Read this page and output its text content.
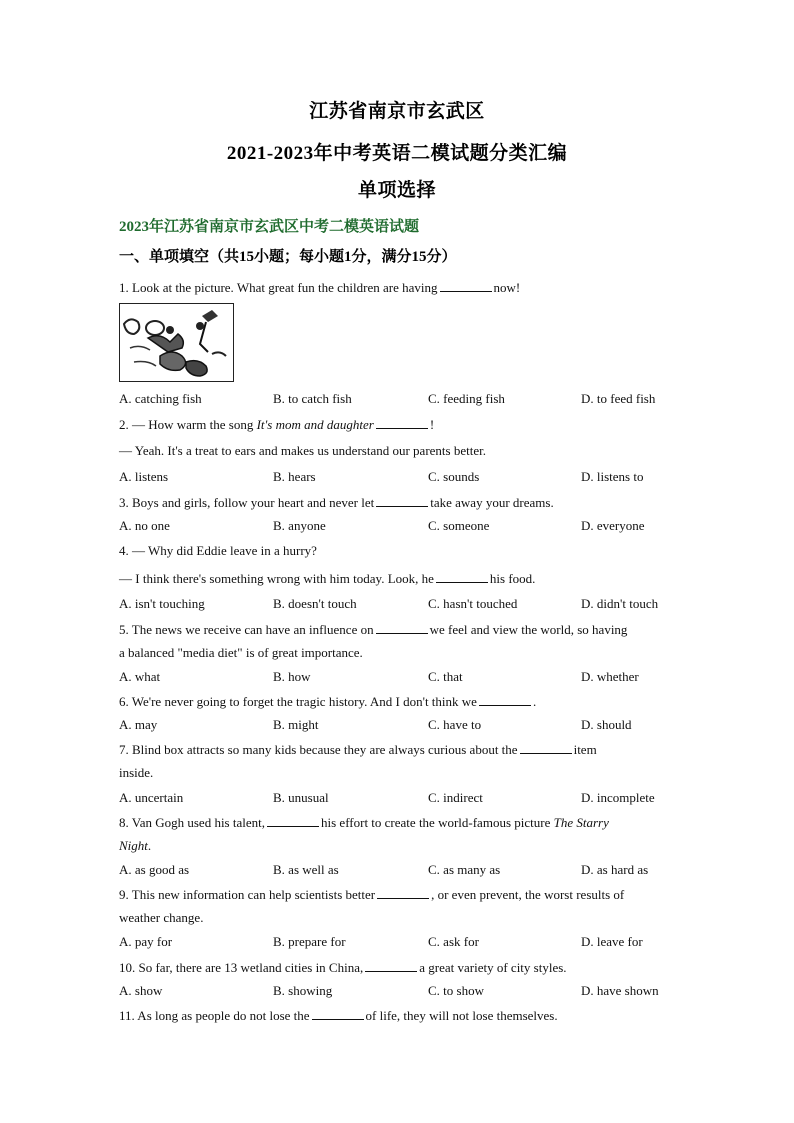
江苏省南京市玄武区
2021-2023年中考英语二模试题分类汇编
单项选择
2023年江苏省南京市玄武区中考二模英语试题
一、单项填空（共15小题；每小题1分，满分15分）
1. Look at the picture. What great fun the children are having	now!
A. catching fish	B. to catch fish	C. feeding fish	D. to feed fish
2. — How warm the song It's mom and daughter	!
— Yeah. It's a treat to ears and makes us understand our parents better.
A. listens	B. hears	C. sounds	D. listens to
3. Boys and girls, follow your heart and never let	take away your dreams.
A. no one	B. anyone	C. someone	D. everyone
4. — Why did Eddie leave in a hurry?
— I think there's something wrong with him today. Look, he	his food.
A. isn't touching	B. doesn't touch	C. hasn't touched	D. didn't touch
5. The news we receive can have an influence on	we feel and view the world, so having
a balanced "media diet" is of great importance.
A. what	B. how	C. that	D. whether
6. We're never going to forget the tragic history. And I don't think we	.
A. may	B. might	C. have to	D. should
7. Blind box attracts so many kids because they are always curious about the	item
inside.
A. uncertain	B. unusual	C. indirect	D. incomplete
8. Van Gogh used his talent,	his effort to create the world-famous picture The Starry
Night.
A. as good as	B. as well as	C. as many as	D. as hard as
9. This new information can help scientists better	, or even prevent, the worst results of
weather change.
A. pay for	B. prepare for	C. ask for	D. leave for
10. So far, there are 13 wetland cities in China,	a great variety of city styles.
A. show	B. showing	C. to show	D. have shown
11. As long as people do not lose the	of life, they will not lose themselves.
